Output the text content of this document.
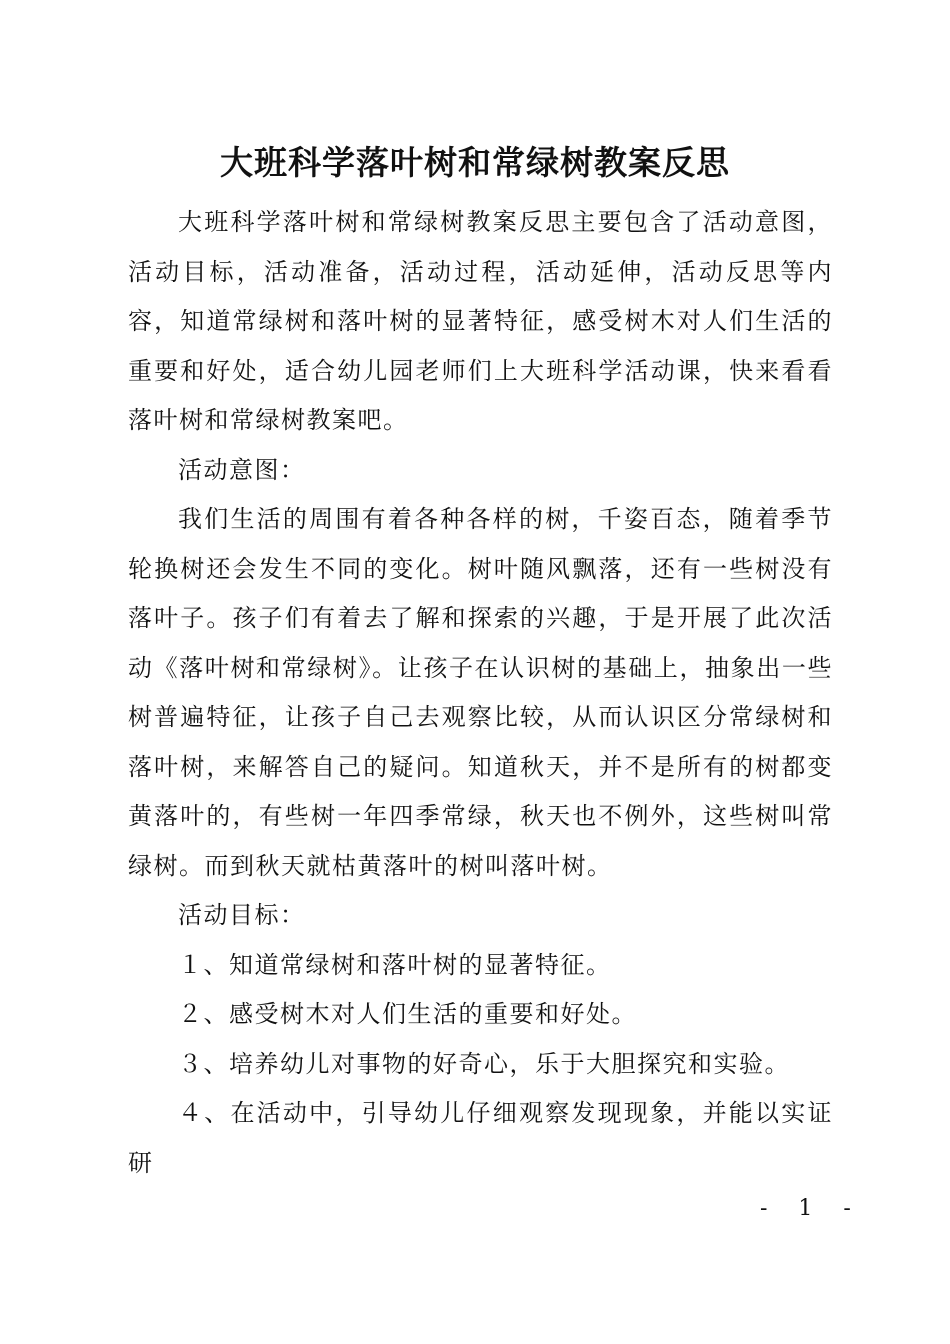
大班科学落叶树和常绿树教案反思

大班科学落叶树和常绿树教案反思主要包含了活动意图，活动目标，活动准备，活动过程，活动延伸，活动反思等内容，知道常绿树和落叶树的显著特征，感受树木对人们生活的重要和好处，适合幼儿园老师们上大班科学活动课，快来看看落叶树和常绿树教案吧。

活动意图：

我们生活的周围有着各种各样的树，千姿百态，随着季节轮换树还会发生不同的变化。树叶随风飘落，还有一些树没有落叶子。孩子们有着去了解和探索的兴趣，于是开展了此次活动《落叶树和常绿树》。让孩子在认识树的基础上，抽象出一些树普遍特征，让孩子自己去观察比较，从而认识区分常绿树和落叶树，来解答自己的疑问。知道秋天，并不是所有的树都变黄落叶的，有些树一年四季常绿，秋天也不例外，这些树叫常绿树。而到秋天就枯黄落叶的树叫落叶树。

活动目标：

１、知道常绿树和落叶树的显著特征。

２、感受树木对人们生活的重要和好处。

３、培养幼儿对事物的好奇心，乐于大胆探究和实验。

４、在活动中，引导幼儿仔细观察发现现象，并能以实证研

- 1 -
